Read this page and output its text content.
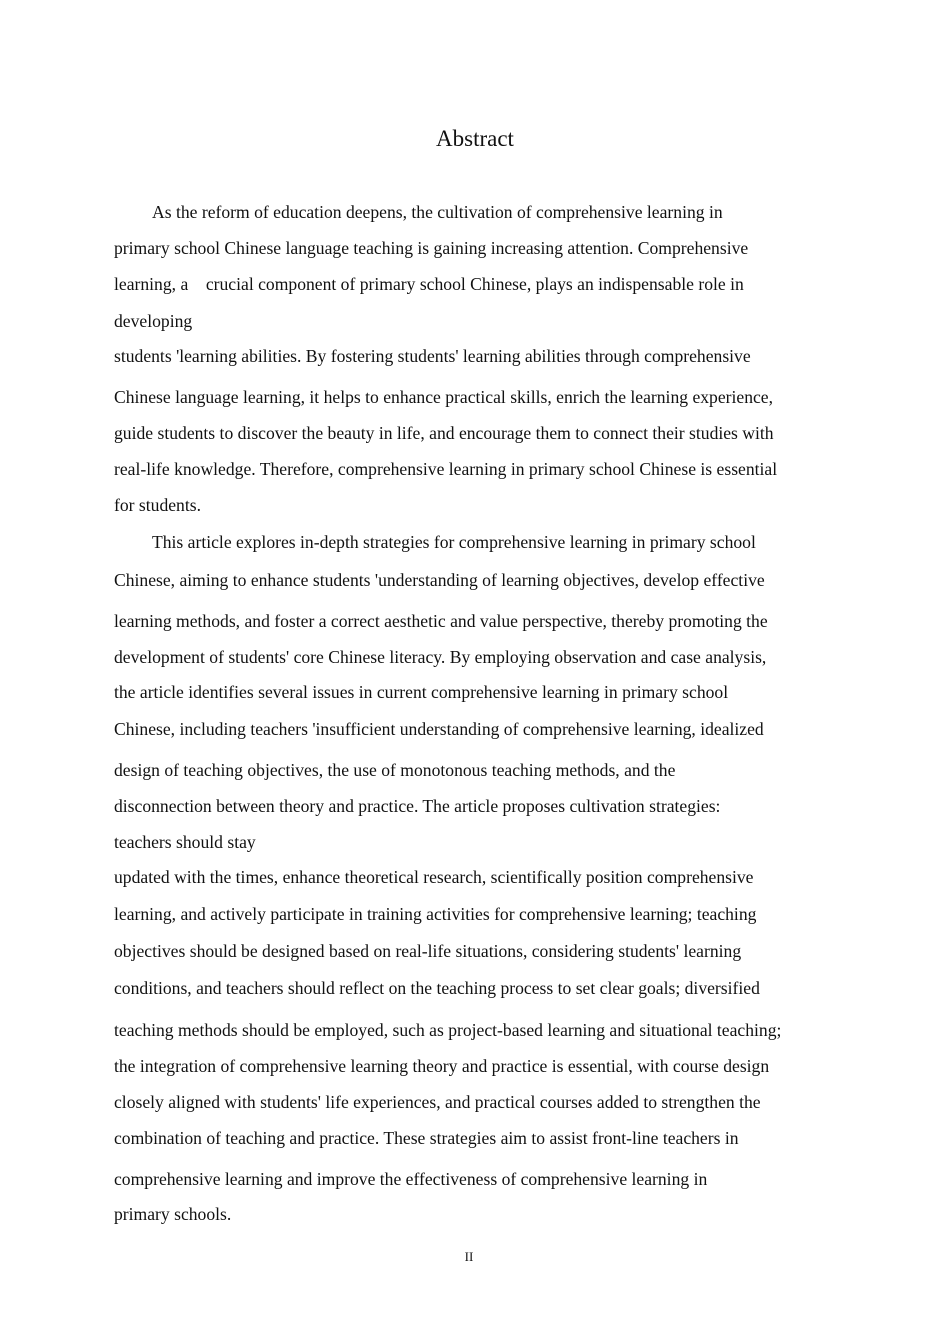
Abstract
As the reform of education deepens, the cultivation of comprehensive learning in
primary school Chinese language teaching is gaining increasing attention. Comprehensive
learning, a    crucial component of primary school Chinese, plays an indispensable role in
developing
students 'learning abilities. By fostering students' learning abilities through comprehensive
Chinese language learning, it helps to enhance practical skills, enrich the learning experience,
guide students to discover the beauty in life, and encourage them to connect their studies with
real-life knowledge. Therefore, comprehensive learning in primary school Chinese is essential
for students.
This article explores in-depth strategies for comprehensive learning in primary school
Chinese, aiming to enhance students 'understanding of learning objectives, develop effective
learning methods, and foster a correct aesthetic and value perspective, thereby promoting the
development of students' core Chinese literacy. By employing observation and case analysis,
the article identifies several issues in current comprehensive learning in primary school
Chinese, including teachers 'insufficient understanding of comprehensive learning, idealized
design of teaching objectives, the use of monotonous teaching methods, and the
disconnection between theory and practice. The article proposes cultivation strategies:
teachers should stay
updated with the times, enhance theoretical research, scientifically position comprehensive
learning, and actively participate in training activities for comprehensive learning; teaching
objectives should be designed based on real-life situations, considering students' learning
conditions, and teachers should reflect on the teaching process to set clear goals; diversified
teaching methods should be employed, such as project-based learning and situational teaching;
the integration of comprehensive learning theory and practice is essential, with course design
closely aligned with students' life experiences, and practical courses added to strengthen the
combination of teaching and practice. These strategies aim to assist front-line teachers in
comprehensive learning and improve the effectiveness of comprehensive learning in
primary schools.
II
